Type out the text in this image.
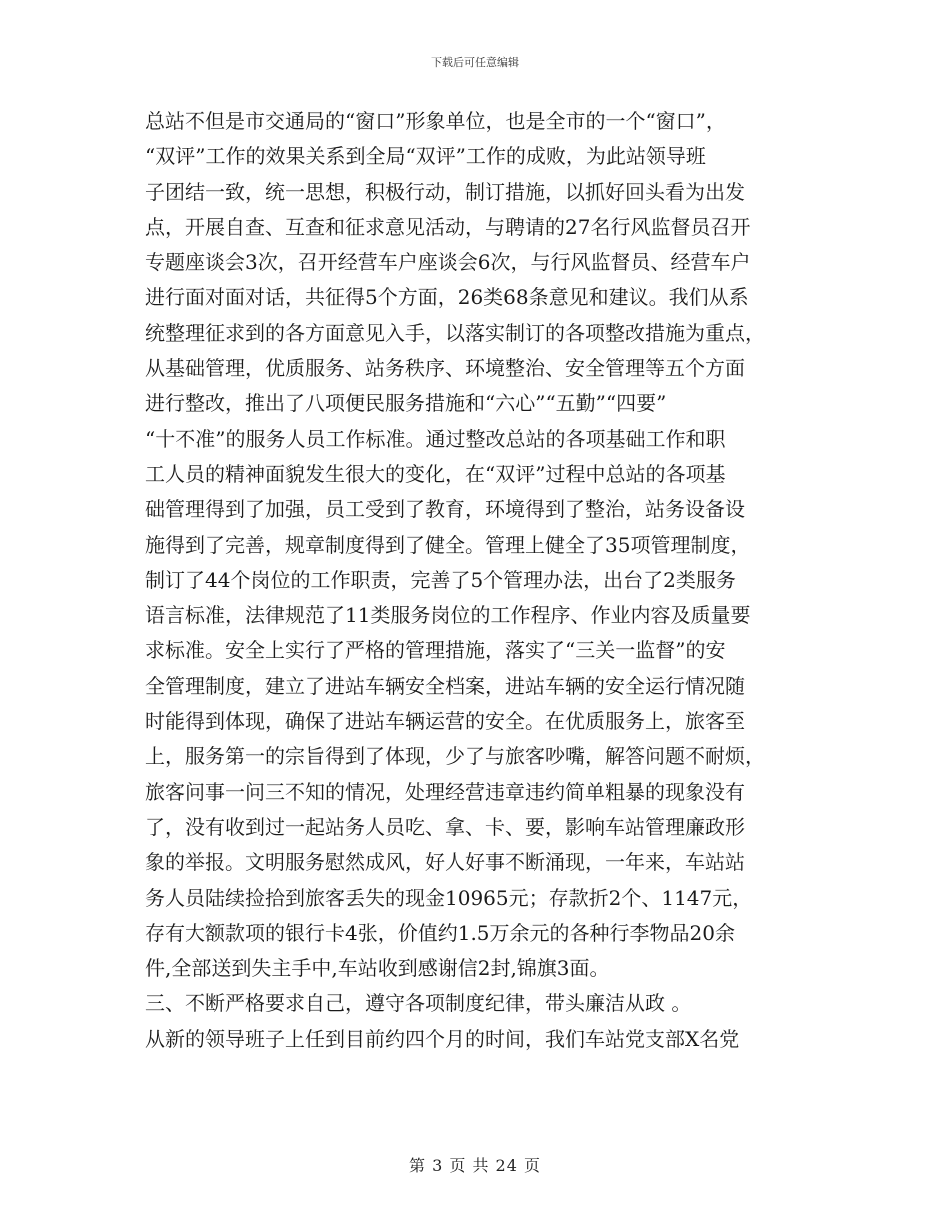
下载后可任意编辑
总站不但是市交通局的“窗口”形象单位，也是全市的一个“窗口”，
“双评”工作的效果关系到全局“双评”工作的成败，为此站领导班
子团结一致，统一思想，积极行动，制订措施，以抓好回头看为出发
点，开展自查、互查和征求意见活动，与聘请的27名行风监督员召开
专题座谈会3次，召开经营车户座谈会6次，与行风监督员、经营车户
进行面对面对话，共征得5个方面，26类68条意见和建议。我们从系
统整理征求到的各方面意见入手，以落实制订的各项整改措施为重点，
从基础管理，优质服务、站务秩序、环境整治、安全管理等五个方面
进行整改，推出了八项便民服务措施和“六心”“五勤”“四要”
“十不准”的服务人员工作标准。通过整改总站的各项基础工作和职
工人员的精神面貌发生很大的变化，在“双评”过程中总站的各项基
础管理得到了加强，员工受到了教育，环境得到了整治，站务设备设
施得到了完善，规章制度得到了健全。管理上健全了35项管理制度，
制订了44个岗位的工作职责，完善了5个管理办法，出台了2类服务
语言标准，法律规范了11类服务岗位的工作程序、作业内容及质量要
求标准。安全上实行了严格的管理措施，落实了“三关一监督”的安
全管理制度，建立了进站车辆安全档案，进站车辆的安全运行情况随
时能得到体现，确保了进站车辆运营的安全。在优质服务上，旅客至
上，服务第一的宗旨得到了体现，少了与旅客吵嘴，解答问题不耐烦，
旅客问事一问三不知的情况，处理经营违章违约简单粗暴的现象没有
了，没有收到过一起站务人员吃、拿、卡、要，影响车站管理廉政形
象的举报。文明服务慰然成风，好人好事不断涌现，一年来，车站站
务人员陆续捡拾到旅客丢失的现金10965元；存款折2个、1147元，
存有大额款项的银行卡4张，价值约1.5万余元的各种行李物品20余
件,全部送到失主手中,车站收到感谢信2封,锦旗3面。
三、不断严格要求自己，遵守各项制度纪律，带头廉洁从政 。
从新的领导班子上任到目前约四个月的时间，我们车站党支部X名党
第 3 页 共 24 页
